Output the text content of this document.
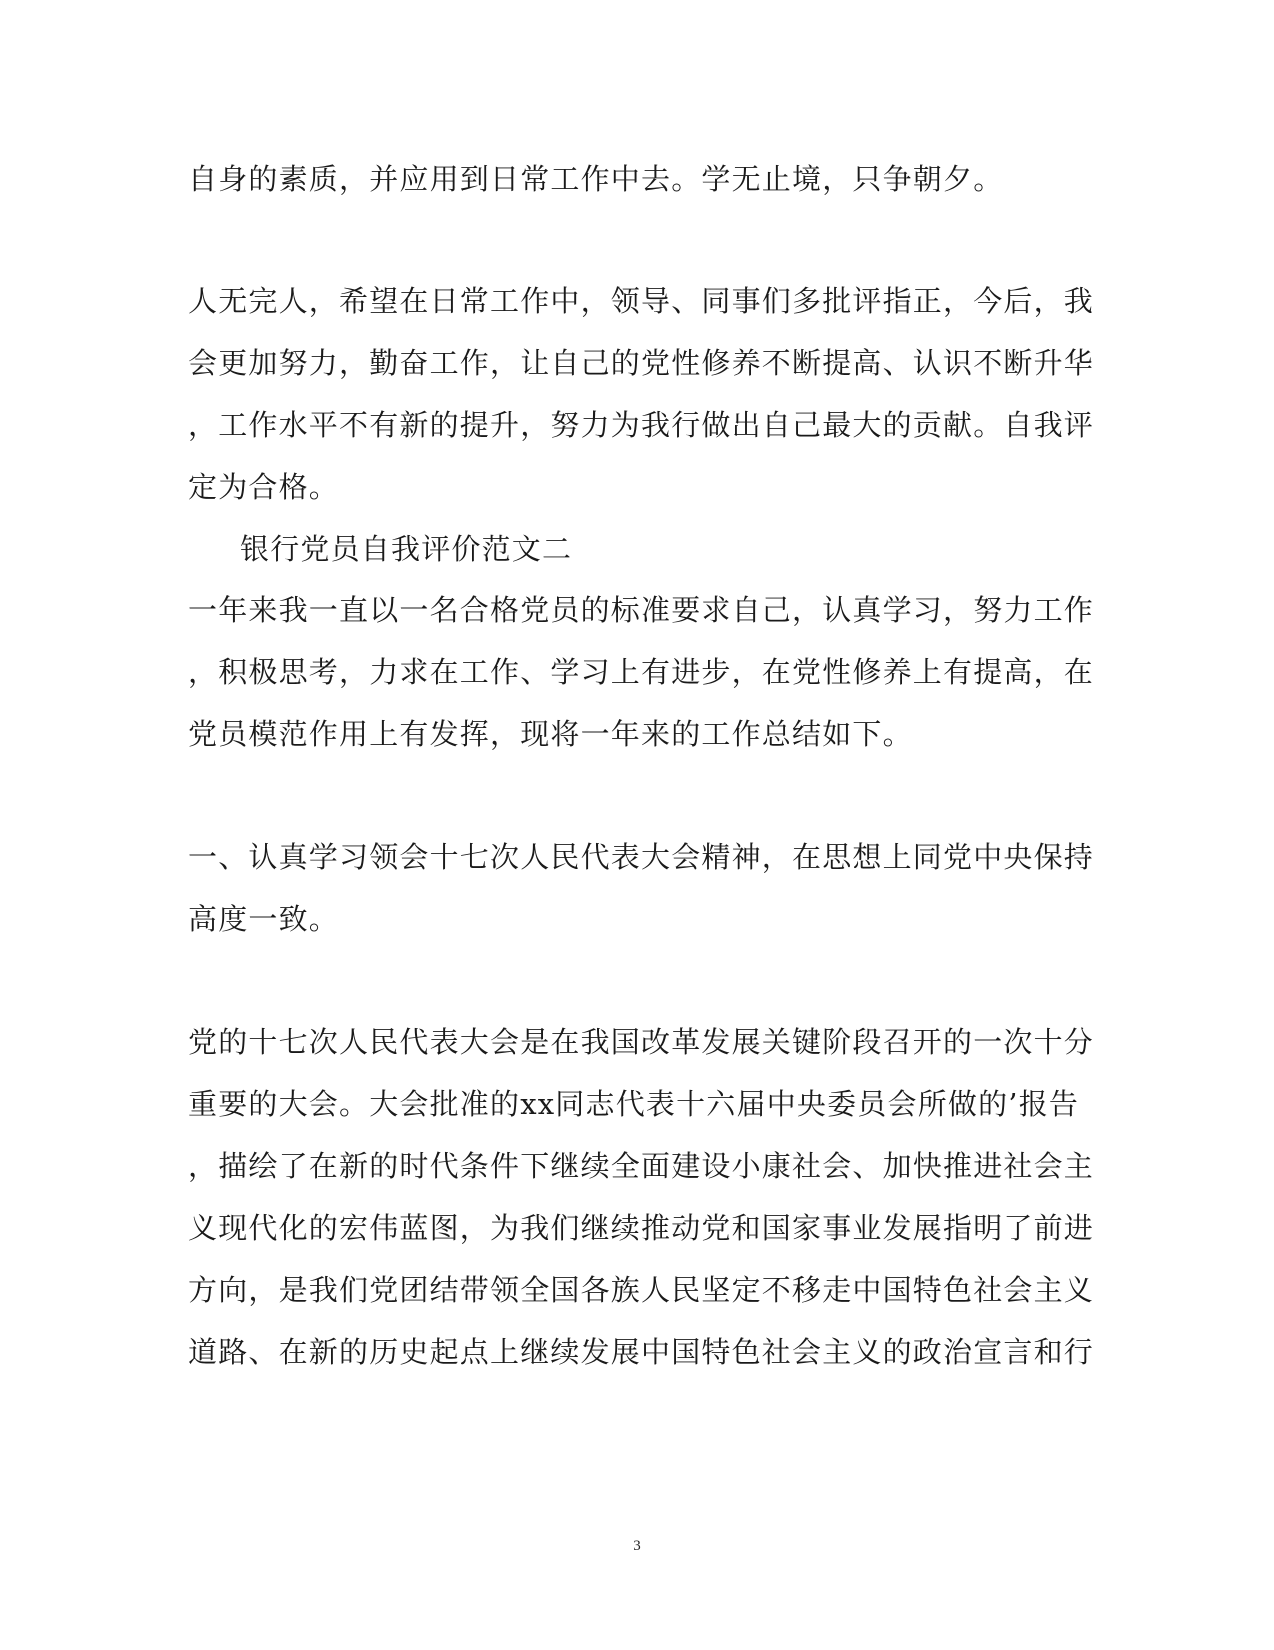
自身的素质，并应用到日常工作中去。学无止境，只争朝夕。
人无完人，希望在日常工作中，领导、同事们多批评指正，今后，我
会更加努力，勤奋工作，让自己的党性修养不断提高、认识不断升华
，工作水平不有新的提升，努力为我行做出自己最大的贡献。自我评
定为合格。
银行党员自我评价范文二
一年来我一直以一名合格党员的标准要求自己，认真学习，努力工作
，积极思考，力求在工作、学习上有进步，在党性修养上有提高，在
党员模范作用上有发挥，现将一年来的工作总结如下。
一、认真学习领会十七次人民代表大会精神，在思想上同党中央保持
高度一致。
党的十七次人民代表大会是在我国改革发展关键阶段召开的一次十分
重要的大会。大会批准的xx同志代表十六届中央委员会所做的’报告
，描绘了在新的时代条件下继续全面建设小康社会、加快推进社会主
义现代化的宏伟蓝图，为我们继续推动党和国家事业发展指明了前进
方向，是我们党团结带领全国各族人民坚定不移走中国特色社会主义
道路、在新的历史起点上继续发展中国特色社会主义的政治宣言和行
3
